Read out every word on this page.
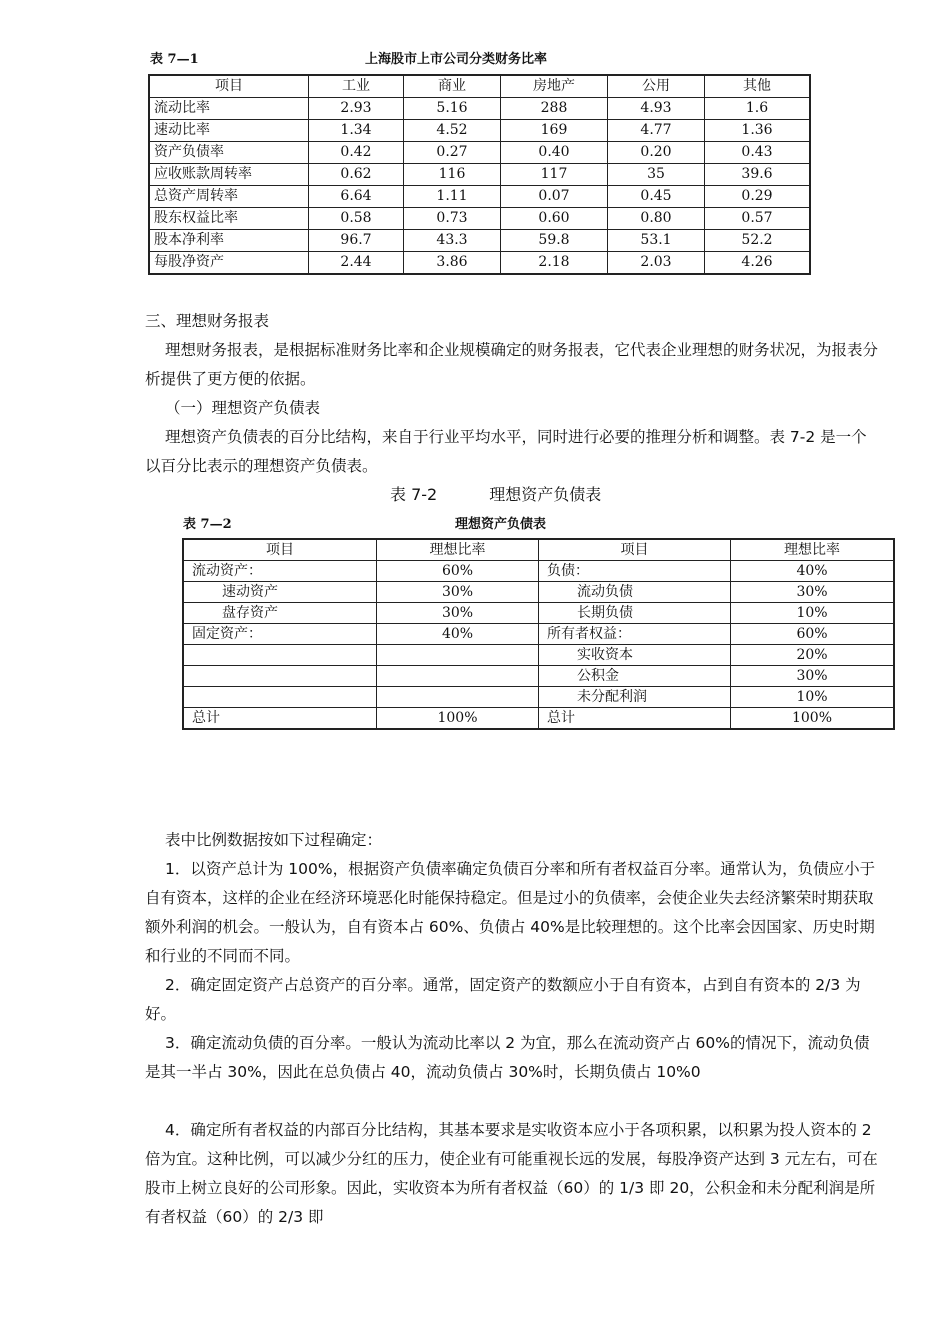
表 7—1	上海股市上市公司分类财务比率
项目	工业	商业	房地产	公用	其他
流动比率	2.93	5.16	288	4.93	1.6
速动比率	1.34	4.52	169	4.77	1.36
资产负债率	0.42	0.27	0.40	0.20	0.43
应收账款周转率	0.62	116	117	35	39.6
总资产周转率	6.64	1.11	0.07	0.45	0.29
股东权益比率	0.58	0.73	0.60	0.80	0.57
股本净利率	96.7	43.3	59.8	53.1	52.2
每股净资产	2.44	3.86	2.18	2.03	4.26
三、理想财务报表
理想财务报表，是根据标准财务比率和企业规模确定的财务报表，它代表企业理想的财务状况，为报表分析提供了更方便的依据。
（一）理想资产负债表
理想资产负债表的百分比结构，来自于行业平均水平，同时进行必要的推理分析和调整。表 7-2 是一个以百分比表示的理想资产负债表。
表 7-2	理想资产负债表
表 7—2	理想资产负债表
项目	理想比率	项目	理想比率
流动资产：	60%	负债：	40%
速动资产	30%	流动负债	30%
盘存资产	30%	长期负债	10%
固定资产：	40%	所有者权益：	60%
		实收资本	20%
		公积金	30%
		未分配利润	10%
总计	100%	总计	100%
表中比例数据按如下过程确定：
1．以资产总计为 100%，根据资产负债率确定负债百分率和所有者权益百分率。通常认为，负债应小于自有资本，这样的企业在经济环境恶化时能保持稳定。但是过小的负债率，会使企业失去经济繁荣时期获取额外利润的机会。一般认为，自有资本占 60%、负债占 40%是比较理想的。这个比率会因国家、历史时期和行业的不同而不同。
2．确定固定资产占总资产的百分率。通常，固定资产的数额应小于自有资本，占到自有资本的 2/3 为好。
3．确定流动负债的百分率。一般认为流动比率以 2 为宜，那么在流动资产占 60%的情况下，流动负债是其一半占 30%，因此在总负债占 40，流动负债占 30%时，长期负债占 10%0
4．确定所有者权益的内部百分比结构，其基本要求是实收资本应小于各项积累，以积累为投人资本的 2 倍为宜。这种比例，可以减少分红的压力，使企业有可能重视长远的发展，每股净资产达到 3 元左右，可在股市上树立良好的公司形象。因此，实收资本为所有者权益（60）的 1/3 即 20，公积金和未分配利润是所有者权益（60）的 2/3 即
